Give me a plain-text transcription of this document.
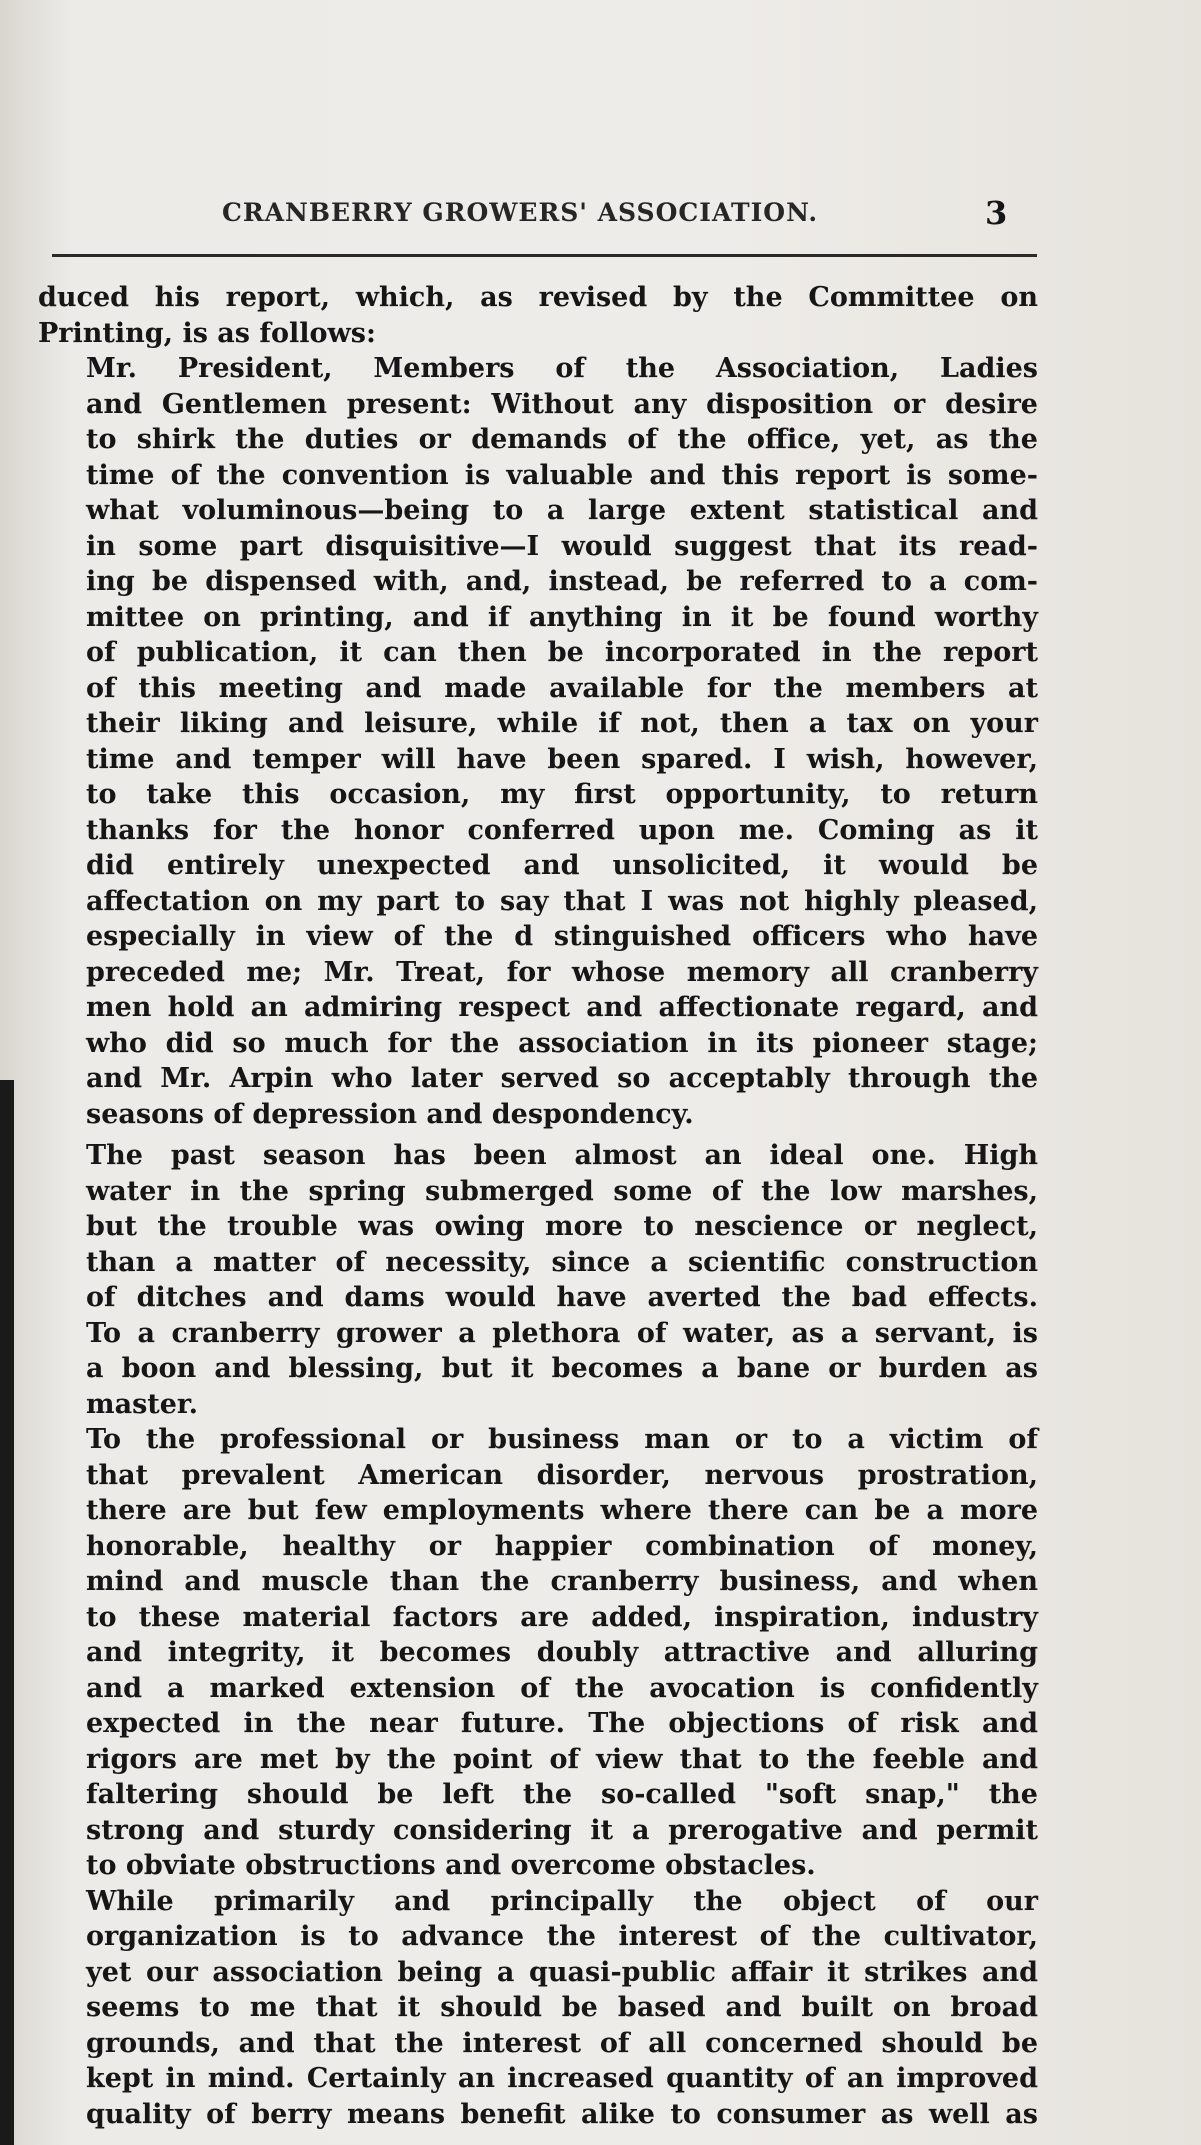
CRANBERRY GROWERS' ASSOCIATION.	3

duced his report, which, as revised by the Committee on
Printing, is as follows:

Mr. President, Members of the Association, Ladies
and Gentlemen present: Without any disposition or desire
to shirk the duties or demands of the office, yet, as the
time of the convention is valuable and this report is some-
what voluminous—being to a large extent statistical and
in some part disquisitive—I would suggest that its read-
ing be dispensed with, and, instead, be referred to a com-
mittee on printing, and if anything in it be found worthy
of publication, it can then be incorporated in the report
of this meeting and made available for the members at
their liking and leisure, while if not, then a tax on your
time and temper will have been spared. I wish, however,
to take this occasion, my first opportunity, to return
thanks for the honor conferred upon me. Coming as it
did entirely unexpected and unsolicited, it would be
affectation on my part to say that I was not highly pleased,
especially in view of the d stinguished officers who have
preceded me; Mr. Treat, for whose memory all cranberry
men hold an admiring respect and affectionate regard, and
who did so much for the association in its pioneer stage;
and Mr. Arpin who later served so acceptably through the
seasons of depression and despondency.

The past season has been almost an ideal one. High
water in the spring submerged some of the low marshes,
but the trouble was owing more to nescience or neglect,
than a matter of necessity, since a scientific construction
of ditches and dams would have averted the bad effects.
To a cranberry grower a plethora of water, as a servant, is
a boon and blessing, but it becomes a bane or burden as
master.

To the professional or business man or to a victim of
that prevalent American disorder, nervous prostration,
there are but few employments where there can be a more
honorable, healthy or happier combination of money,
mind and muscle than the cranberry business, and when
to these material factors are added, inspiration, industry
and integrity, it becomes doubly attractive and alluring
and a marked extension of the avocation is confidently
expected in the near future. The objections of risk and
rigors are met by the point of view that to the feeble and
faltering should be left the so-called "soft snap," the
strong and sturdy considering it a prerogative and permit
to obviate obstructions and overcome obstacles.

While primarily and principally the object of our
organization is to advance the interest of the cultivator,
yet our association being a quasi-public affair it strikes and
seems to me that it should be based and built on broad
grounds, and that the interest of all concerned should be
kept in mind. Certainly an increased quantity of an improved
quality of berry means benefit alike to consumer as well as
